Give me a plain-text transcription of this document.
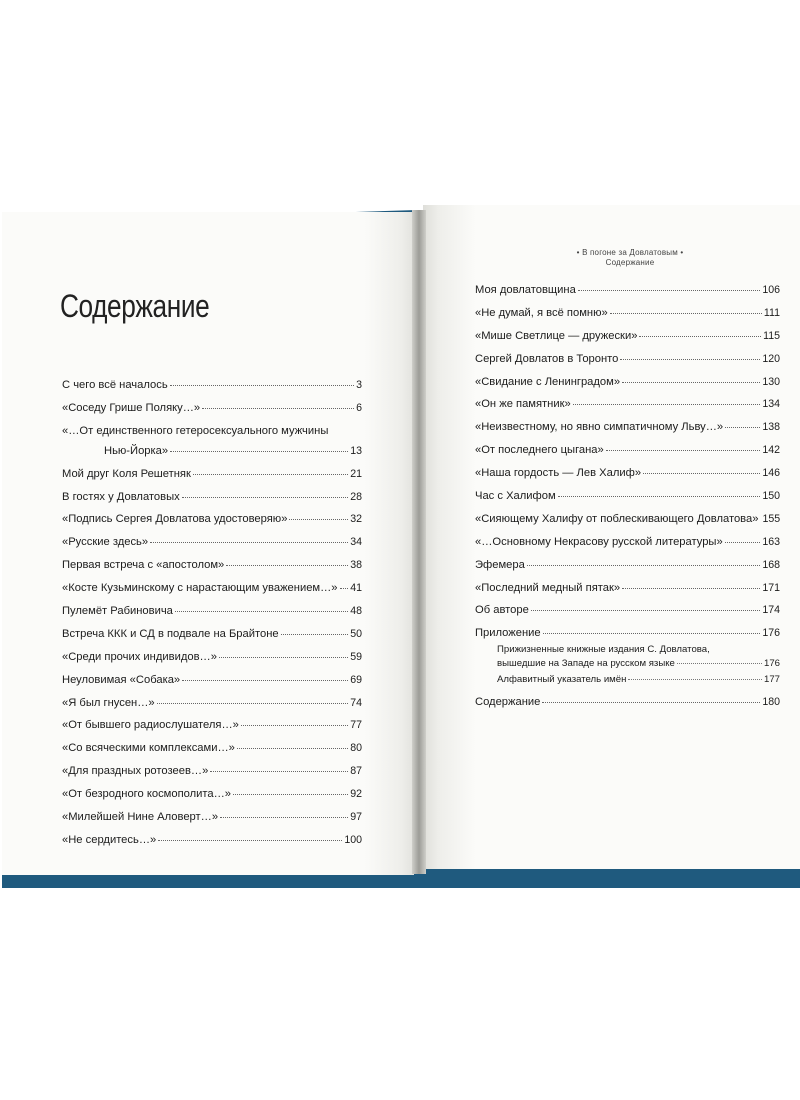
Содержание
• В погоне за Довлатовым •
Содержание
С чего всё началось	3
«Соседу Грише Поляку…»	6
«…От единственного гетеросексуального мужчины
Нью-Йорка»	13
Мой друг Коля Решетняк	21
В гостях у Довлатовых	28
«Подпись Сергея Довлатова удостоверяю»	32
«Русские здесь»	34
Первая встреча с «апостолом»	38
«Косте Кузьминскому с нарастающим уважением…» 41
Пулемёт Рабиновича	48
Встреча ККК и СД в подвале на Брайтоне	50
«Среди прочих индивидов…»	59
Неуловимая «Собака»	69
«Я был гнусен…»	74
«От бывшего радиослушателя…»	77
«Со всяческими комплексами…»	80
«Для праздных ротозеев…»	87
«От безродного космополита…»	92
«Милейшей Нине Аловерт…»	97
«Не сердитесь…»	100
Моя довлатовщина	106
«Не думай, я всё помню»	111
«Мише Светлице — дружески»	115
Сергей Довлатов в Торонто	120
«Свидание с Ленинградом»	130
«Он же памятник»	134
«Неизвестному, но явно симпатичному Льву…»	138
«От последнего цыгана»	142
«Наша гордость — Лев Халиф»	146
Час с Халифом	150
«Сияющему Халифу от поблескивающего Довлатова» 155
«…Основному Некрасову русской литературы»	163
Эфемера	168
«Последний медный пятак»	171
Об авторе	174
Приложение	176
Прижизненные книжные издания С. Довлатова,
вышедшие на Западе на русском языке	176
Алфавитный указатель имён	177
Содержание	180
